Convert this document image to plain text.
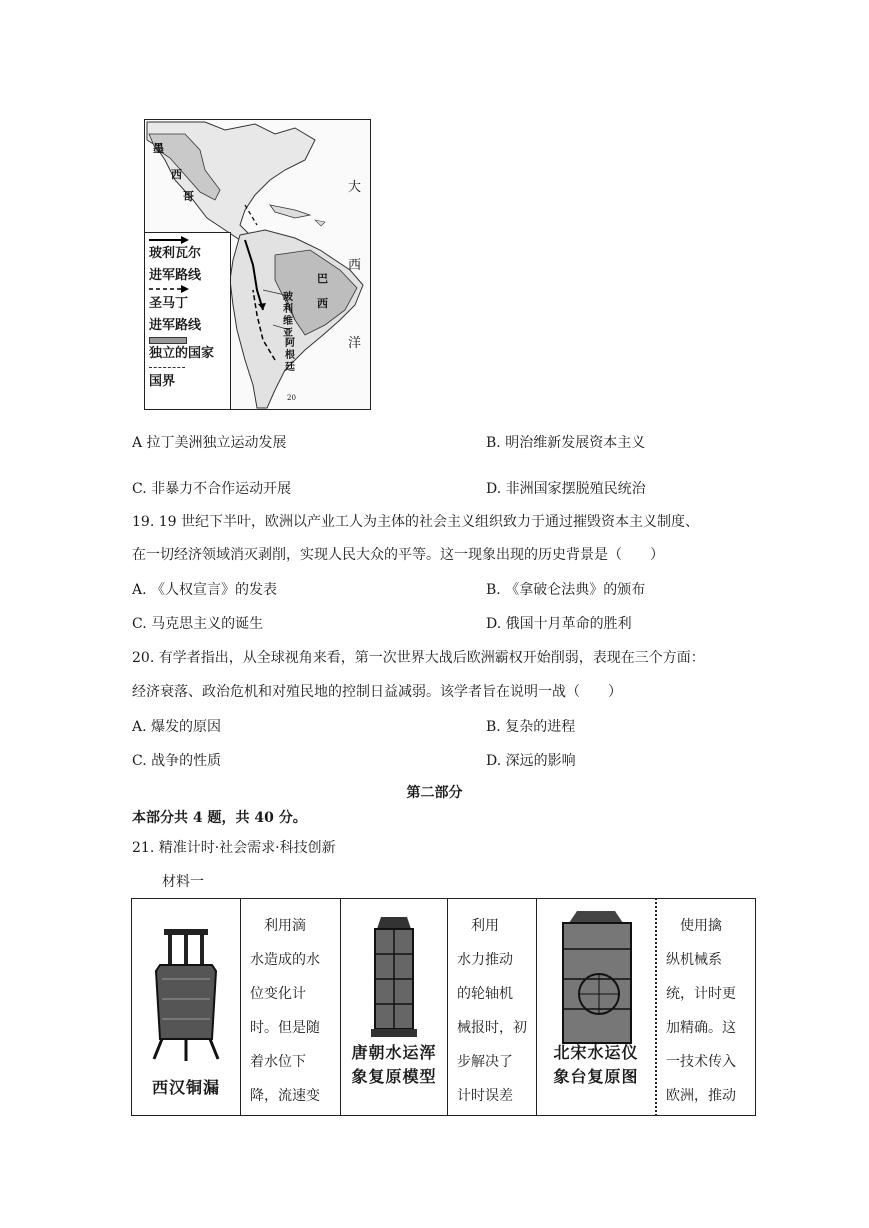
墨
西
哥
大
西
洋
巴
西
玻利维亚
阿根廷
20
玻利瓦尔
进军路线
圣马丁
进军路线
独立的国家
国界
A 拉丁美洲独立运动发展	B. 明治维新发展资本主义
C. 非暴力不合作运动开展	D. 非洲国家摆脱殖民统治
19. 19 世纪下半叶，欧洲以产业工人为主体的社会主义组织致力于通过摧毁资本主义制度、
在一切经济领域消灭剥削，实现人民大众的平等。这一现象出现的历史背景是（　　）
A. 《人权宣言》的发表	B. 《拿破仑法典》的颁布
C. 马克思主义的诞生	D. 俄国十月革命的胜利
20. 有学者指出，从全球视角来看，第一次世界大战后欧洲霸权开始削弱，表现在三个方面：
经济衰落、政治危机和对殖民地的控制日益减弱。该学者旨在说明一战（　　）
A. 爆发的原因	B. 复杂的进程
C. 战争的性质	D. 深远的影响
第二部分
本部分共 4 题，共 40 分。
21. 精准计时·社会需求·科技创新
材料一
西汉铜漏

　利用滴
水造成的水
位变化计
时。但是随
着水位下
降，流速变

唐朝水运浑
象复原模型

　利用
水力推动
的轮轴机
械报时，初
步解决了
计时误差

北宋水运仪
象台复原图

　使用擒
纵机械系
统，计时更
加精确。这
一技术传入
欧洲，推动
